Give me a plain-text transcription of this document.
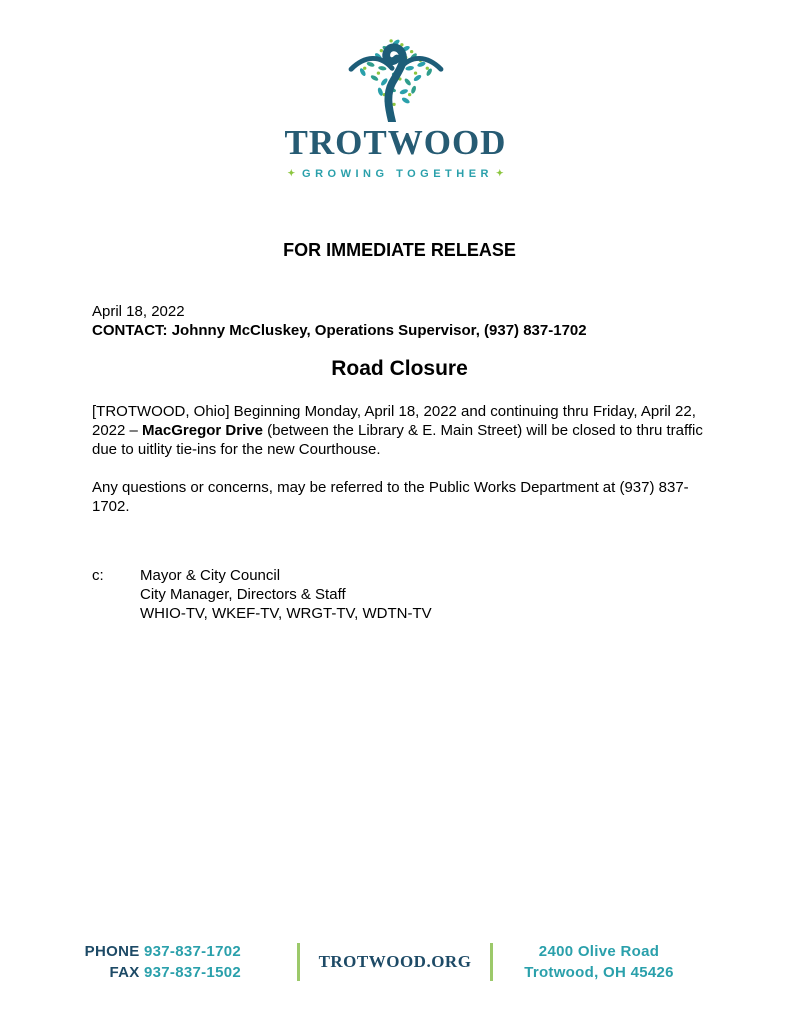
TROTWOOD
✦ GROWING TOGETHER ✦
FOR IMMEDIATE RELEASE
April 18, 2022
CONTACT: Johnny McCluskey, Operations Supervisor, (937) 837-1702
Road Closure

[TROTWOOD, Ohio] Beginning Monday, April 18, 2022 and continuing thru Friday, April 22, 2022 – MacGregor Drive (between the Library & E. Main Street) will be closed to thru traffic due to uitlity tie-ins for the new Courthouse.

Any questions or concerns, may be referred to the Public Works Department at (937) 837-1702.

c:	Mayor & City Council
City Manager, Directors & Staff
WHIO-TV, WKEF-TV, WRGT-TV, WDTN-TV
PHONE 937-837-1702
FAX 937-837-1502
TROTWOOD.ORG
2400 Olive Road
Trotwood, OH 45426
